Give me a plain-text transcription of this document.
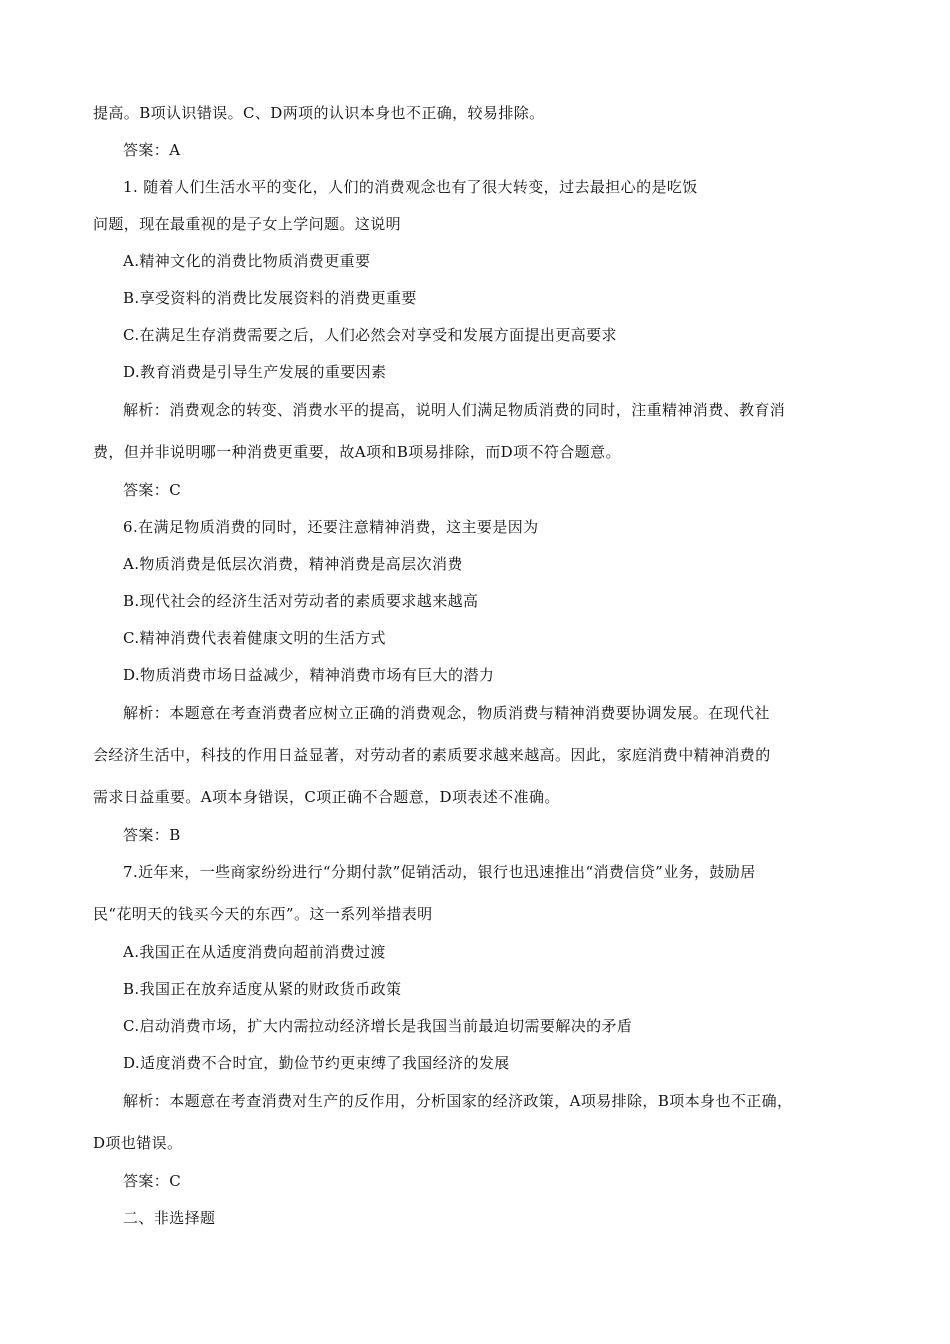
提高。B项认识错误。C、D两项的认识本身也不正确，较易排除。
答案：A
1. 随着人们生活水平的变化，人们的消费观念也有了很大转变，过去最担心的是吃饭
问题，现在最重视的是子女上学问题。这说明
A.精神文化的消费比物质消费更重要
B.享受资料的消费比发展资料的消费更重要
C.在满足生存消费需要之后，人们必然会对享受和发展方面提出更高要求
D.教育消费是引导生产发展的重要因素
解析：消费观念的转变、消费水平的提高，说明人们满足物质消费的同时，注重精神消费、教育消
费，但并非说明哪一种消费更重要，故A项和B项易排除，而D项不符合题意。
答案：C
6.在满足物质消费的同时，还要注意精神消费，这主要是因为
A.物质消费是低层次消费，精神消费是高层次消费
B.现代社会的经济生活对劳动者的素质要求越来越高
C.精神消费代表着健康文明的生活方式
D.物质消费市场日益减少，精神消费市场有巨大的潜力
解析：本题意在考查消费者应树立正确的消费观念，物质消费与精神消费要协调发展。在现代社
会经济生活中，科技的作用日益显著，对劳动者的素质要求越来越高。因此，家庭消费中精神消费的
需求日益重要。A项本身错误，C项正确不合题意，D项表述不准确。
答案：B
7.近年来，一些商家纷纷进行“分期付款”促销活动，银行也迅速推出“消费信贷”业务，鼓励居
民“花明天的钱买今天的东西”。这一系列举措表明
A.我国正在从适度消费向超前消费过渡
B.我国正在放弃适度从紧的财政货币政策
C.启动消费市场，扩大内需拉动经济增长是我国当前最迫切需要解决的矛盾
D.适度消费不合时宜，勤俭节约更束缚了我国经济的发展
解析：本题意在考查消费对生产的反作用，分析国家的经济政策，A项易排除，B项本身也不正确，
D项也错误。
答案：C
二、非选择题
